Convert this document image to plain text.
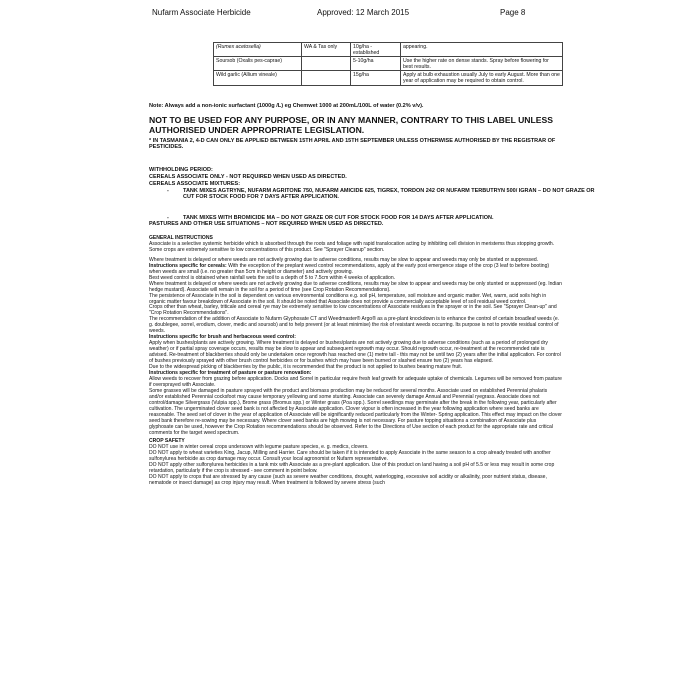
Nufarm Associate Herbicide	Approved: 12 March 2015	Page 8
(Rumex acetosella)	WA & Tas only	10g/ha - established	appearing.
Soursob (Oxalis pes-caprae)		5-10g/ha	Use the higher rate on dense stands. Spray before flowering for best results.
Wild garlic (Allium vineale)		15g/ha	Apply at bulb exhaustion usually July to early August. More than one year of application may be required to obtain control.
Note: Always add a non-ionic surfactant (1000g /L) eg Chemwet 1000 at 200mL/100L of water (0.2% v/v).
NOT TO BE USED FOR ANY PURPOSE, OR IN ANY MANNER, CONTRARY TO THIS LABEL UNLESS AUTHORISED UNDER APPROPRIATE LEGISLATION.
* IN TASMANIA 2, 4-D CAN ONLY BE APPLIED BETWEEN 15TH APRIL AND 15TH SEPTEMBER UNLESS OTHERWISE AUTHORISED BY THE REGISTRAR OF PESTICIDES.
WITHHOLDING PERIOD:
CEREALS ASSOCIATE ONLY - NOT REQUIRED WHEN USED AS DIRECTED.
CEREALS ASSOCIATE MIXTURES:
-	TANK MIXES AGTRYNE, NUFARM AGRITONE 750, NUFARM AMICIDE 625, TIGREX, TORDON 242 OR NUFARM TERBUTRYN 500/ IGRAN – DO NOT GRAZE OR CUT FOR STOCK FOOD FOR 7 DAYS AFTER APPLICATION.
-	TANK MIXES WITH BROMICIDE MA – DO NOT GRAZE OR CUT FOR STOCK FOOD FOR 14 DAYS AFTER APPLICATION.
PASTURES AND OTHER USE SITUATIONS – NOT REQUIRED WHEN USED AS DIRECTED.

GENERAL INSTRUCTIONS

Associate is a selective systemic herbicide which is absorbed through the roots and foliage with rapid translocation acting by inhibiting cell division in meristems thus stopping growth.

Some crops are extremely sensitive to low concentrations of this product. See "Sprayer Cleanup" section.

Where treatment is delayed or where weeds are not actively growing due to adverse conditions, results may be slow to appear and weeds may only be stunted or suppressed.

Instructions specific for cereals: With the exception of the preplant weed control recommendations, apply at the early post emergence stage of the crop (3 leaf to before booting) when weeds are small (i.e. no greater than 5cm in height or diameter) and actively growing.

Best weed control is obtained when rainfall wets the soil to a depth of 5 to 7.5cm within 4 weeks of application.

Where treatment is delayed or where weeds are not actively growing due to adverse conditions, results may be slow to appear and weeds may be only stunted or suppressed (eg. Indian hedge mustard). Associate will remain in the soil for a period of time (see Crop Rotation Recommendations).

The persistence of Associate in the soil is dependent on various environmental conditions e.g. soil pH, temperature, soil moisture and organic matter. Wet, warm, acid soils high in organic matter favour breakdown of Associate in the soil. It should be noted that Associate does not provide a commercially acceptable level of soil residual weed control.

Crops other than wheat, barley, triticale and cereal rye may be extremely sensitive to low concentrations of Associate residues in the sprayer or in the soil. See "Sprayer Clean-up" and "Crop Rotation Recommendations".

The recommendation of the addition of Associate to Nufarm Glyphosate CT and Weedmaster® Argo® as a pre-plant knockdown is to enhance the control of certain broadleaf weeds (e. g. doublegee, sorrel, erodium, clover, medic and soursob) and to help prevent (or at least minimise) the risk of resistant weeds occurring. Its purpose is not to provide residual control of weeds.

Instructions specific for brush and herbaceous weed control:

Apply when bushes/plants are actively growing. Where treatment is delayed or bushes/plants are not actively growing due to adverse conditions (such as a period of prolonged dry weather) or if partial spray coverage occurs, results may be slow to appear and subsequent regrowth may occur. Should regrowth occur, re-treatment at the recommended rate is advised. Re-treatment of blackberries should only be undertaken once regrowth has reached one (1) metre tall - this may not be until two (2) years after the initial application. For control of bushes previously sprayed with other brush control herbicides or for bushes which may have been burned or slashed ensure two (2) years has elapsed.

Due to the widespread picking of blackberries by the public, it is recommended that the product is not applied to bushes bearing mature fruit.

Instructions specific for treatment of pasture or pasture renovation:

Allow weeds to recover from grazing before application. Docks and Sorrel in particular require fresh leaf growth for adequate uptake of chemicals. Legumes will be removed from pasture if oversprayed with Associate.

Some grasses will be damaged in pasture sprayed with the product and biomass production may be reduced for several months. Associate used on established Perennial phalaris and/or established Perennial cocksfoot may cause temporary yellowing and some stunting. Associate can severely damage Annual and Perennial ryegrass. Associate does not control/damage Silvergrass (Vulpia spp.), Brome grass (Bromus spp.) or Winter grass (Poa spp.). Sorrel seedlings may germinate after the break in the following year, particularly after cultivation. The ungerminated clover seed bank is not affected by Associate application. Clover vigour is often increased in the year following application where seed banks are reasonable. The seed set of clover in the year of application of Associate will be significantly reduced particularly from the Winter- Spring application. This effect may impact on the clover seed bank therefore re-sowing may be necessary. Where clover seed banks are high mowing is not necessary. For pasture topping situations a combination of Associate plus glyphosate can be used, however the Crop Rotation recommendations should be observed. Refer to the Directions of Use section of each product for the appropriate rate and critical comments for the target weed spectrum.

CROP SAFETY

DO NOT use in winter cereal crops undersown with legume pasture species, e. g. medics, clovers.

DO NOT apply to wheat varieties King, Jacup, Milling and Harrier. Care should be taken if it is intended to apply Associate in the same season to a crop already treated with another sulfonylurea herbicide as crop damage may occur. Consult your local agronomist or Nufarm representative.

DO NOT apply other sulfonylurea herbicides in a tank mix with Associate as a pre-plant application. Use of this product on land having a soil pH of 5.5 or less may result in some crop retardation, particularly if the crop is stressed - see comment in point below.

DO NOT apply to crops that are stressed by any cause (such as severe weather conditions, drought, waterlogging, excessive soil acidity or alkalinity, poor nutrient status, disease, nematode or insect damage) as crop injury may result. When treatment is followed by severe stress (such
